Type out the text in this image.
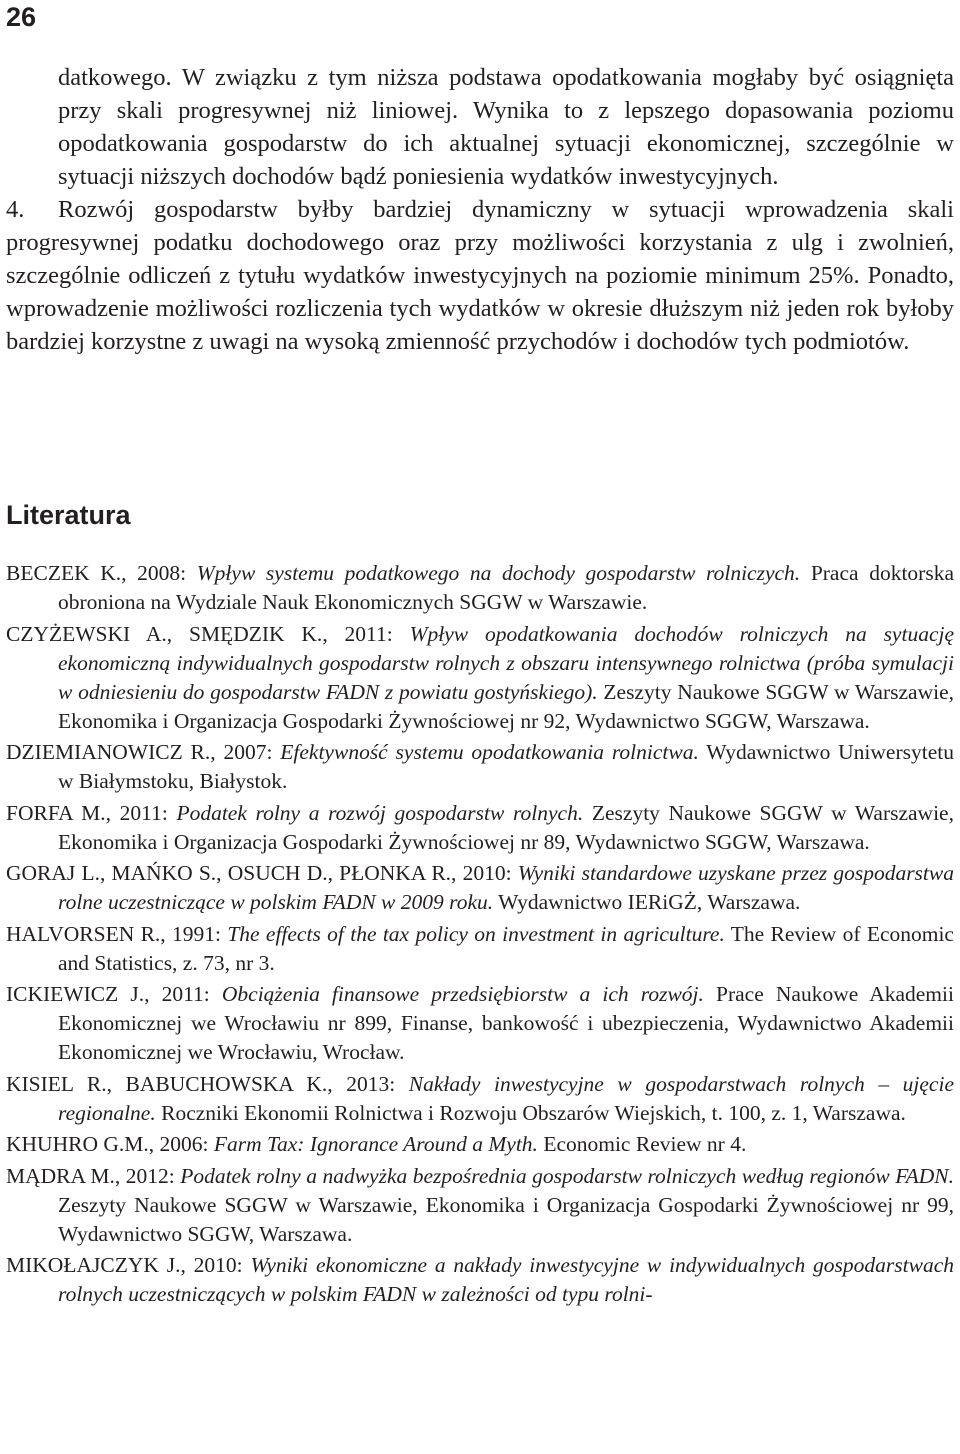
26

datkowego. W związku z tym niższa podstawa opodatkowania mogłaby być osiągnięta przy skali progresywnej niż liniowej. Wynika to z lepszego dopasowania poziomu opodatkowania gospodarstw do ich aktualnej sytuacji ekonomicznej, szczególnie w sytuacji niższych dochodów bądź poniesienia wydatków inwestycyjnych.

4. Rozwój gospodarstw byłby bardziej dynamiczny w sytuacji wprowadzenia skali progresywnej podatku dochodowego oraz przy możliwości korzystania z ulg i zwolnień, szczególnie odliczeń z tytułu wydatków inwestycyjnych na poziomie minimum 25%. Ponadto, wprowadzenie możliwości rozliczenia tych wydatków w okresie dłuższym niż jeden rok byłoby bardziej korzystne z uwagi na wysoką zmienność przychodów i dochodów tych podmiotów.

Literatura
BECZEK K., 2008: Wpływ systemu podatkowego na dochody gospodarstw rolniczych. Praca doktorska obroniona na Wydziale Nauk Ekonomicznych SGGW w Warszawie.
CZYŻEWSKI A., SMĘDZIK K., 2011: Wpływ opodatkowania dochodów rolniczych na sytuację ekonomiczną indywidualnych gospodarstw rolnych z obszaru intensywnego rolnictwa (próba symulacji w odniesieniu do gospodarstw FADN z powiatu gostyńskiego). Zeszyty Naukowe SGGW w Warszawie, Ekonomika i Organizacja Gospodarki Żywnościowej nr 92, Wydawnictwo SGGW, Warszawa.
DZIEMIANOWICZ R., 2007: Efektywność systemu opodatkowania rolnictwa. Wydawnictwo Uniwersytetu w Białymstoku, Białystok.
FORFA M., 2011: Podatek rolny a rozwój gospodarstw rolnych. Zeszyty Naukowe SGGW w Warszawie, Ekonomika i Organizacja Gospodarki Żywnościowej nr 89, Wydawnictwo SGGW, Warszawa.
GORAJ L., MAŃKO S., OSUCH D., PŁONKA R., 2010: Wyniki standardowe uzyskane przez gospodarstwa rolne uczestniczące w polskim FADN w 2009 roku. Wydawnictwo IERiGŻ, Warszawa.
HALVORSEN R., 1991: The effects of the tax policy on investment in agriculture. The Review of Economic and Statistics, z. 73, nr 3.
ICKIEWICZ J., 2011: Obciążenia finansowe przedsiębiorstw a ich rozwój. Prace Naukowe Akademii Ekonomicznej we Wrocławiu nr 899, Finanse, bankowość i ubezpieczenia, Wydawnictwo Akademii Ekonomicznej we Wrocławiu, Wrocław.
KISIEL R., BABUCHOWSKA K., 2013: Nakłady inwestycyjne w gospodarstwach rolnych – ujęcie regionalne. Roczniki Ekonomii Rolnictwa i Rozwoju Obszarów Wiejskich, t. 100, z. 1, Warszawa.
KHUHRO G.M., 2006: Farm Tax: Ignorance Around a Myth. Economic Review nr 4.
MĄDRA M., 2012: Podatek rolny a nadwyżka bezpośrednia gospodarstw rolniczych według regionów FADN. Zeszyty Naukowe SGGW w Warszawie, Ekonomika i Organizacja Gospodarki Żywnościowej nr 99, Wydawnictwo SGGW, Warszawa.
MIKOŁAJCZYK J., 2010: Wyniki ekonomiczne a nakłady inwestycyjne w indywidualnych gospodarstwach rolnych uczestniczących w polskim FADN w zależności od typu rolni-
